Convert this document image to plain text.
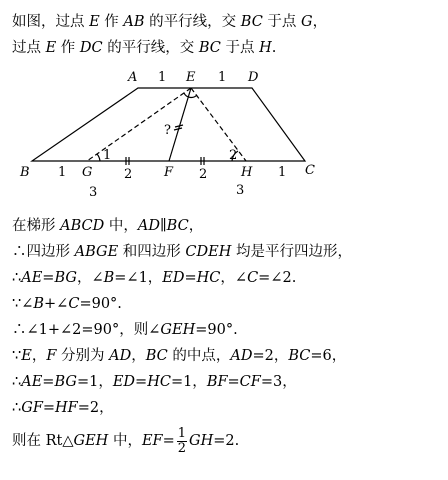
如图，过点 E 作 AB 的平行线，交 BC 于点 G，
过点 E 作 DC 的平行线，交 BC 于点 H.
A	E	D
B	G	F	H	C
1	1
1	2	2	1
3	3
1	2
?
在梯形 ABCD 中，AD∥BC，
∴四边形 ABGE 和四边形 CDEH 均是平行四边形，
∴AE=BG，∠B=∠1，ED=HC，∠C=∠2.
∵∠B+∠C=90°.
∴∠1+∠2=90°，则∠GEH=90°.
∵E，F 分别为 AD，BC 的中点，AD=2，BC=6，
∴AE=BG=1，ED=HC=1，BF=CF=3，
∴GF=HF=2，
则在 Rt△GEH 中，$EF= \frac{1}{2} GH=2$.
